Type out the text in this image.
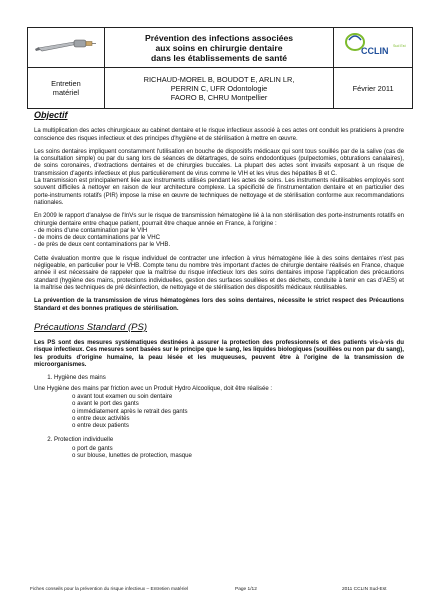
Prévention des infections associées
aux soins en chirurgie dentaire
dans les établissements de santé	CCLIN Sud Est

Entretien
matériel	RICHAUD-MOREL B, BOUDOT E, ARLIN LR,
PERRIN C, UFR Odontologie
FAORO B, CHRU Montpellier	Février 2011
Objectif

La multiplication des actes chirurgicaux au cabinet dentaire et le risque infectieux associé à ces actes ont conduit les praticiens à prendre conscience des risques infectieux et des principes d'hygiène et de stérilisation à mettre en œuvre.

Les soins dentaires impliquent constamment l'utilisation en bouche de dispositifs médicaux qui sont tous souillés par de la salive (cas de la consultation simple) ou par du sang lors de séances de détartrages, de soins endodontiques (pulpectomies, obturations canalaires), de soins coronaires, d'extractions dentaires et de chirurgies buccales. La plupart des actes sont invasifs exposant à un risque de transmission d'agents infectieux et plus particulièrement de virus comme le VIH et les virus des hépatites B et C.

La transmission est principalement liée aux instruments utilisés pendant les actes de soins. Les instruments réutilisables employés sont souvent difficiles à nettoyer en raison de leur architecture complexe. La spécificité de l'instrumentation dentaire et en particulier des porte-instruments rotatifs (PIR) impose la mise en œuvre de techniques de nettoyage et de stérilisation conforme aux recommandations nationales.

En 2009 le rapport d'analyse de l'InVs sur le risque de transmission hématogène lié à la non stérilisation des porte-instruments rotatifs en chirurgie dentaire entre chaque patient, pourrait être chaque année en France, à l'origine :

- de moins d'une contamination par le VIH
- de moins de deux contaminations par le VHC
- de près de deux cent contaminations par le VHB.

Cette évaluation montre que le risque individuel de contracter une infection à virus hématogène liée à des soins dentaires n'est pas négligeable, en particulier pour le VHB. Compte tenu du nombre très important d'actes de chirurgie dentaire réalisés en France, chaque année il est nécessaire de rappeler que la maîtrise du risque infectieux lors des soins dentaires impose l'application des précautions standard (hygiène des mains, protections individuelles, gestion des surfaces souillées et des déchets, conduite à tenir en cas d'AES) et la maîtrise des techniques de pré désinfection, de nettoyage et de stérilisation des dispositifs médicaux réutilisables.

La prévention de la transmission de virus hématogènes lors des soins dentaires, nécessite le strict respect des Précautions Standard et des bonnes pratiques de stérilisation.

Précautions Standard (PS)

Les PS sont des mesures systématiques destinées à assurer la protection des professionnels et des patients vis-à-vis du risque infectieux. Ces mesures sont basées sur le principe que le sang, les liquides biologiques (souillées ou non par du sang), les produits d'origine humaine, la peau lésée et les muqueuses, peuvent être à l'origine de la transmission de microorganismes.

1. Hygiène des mains
Une Hygiène des mains par friction avec un Produit Hydro Alcoolique, doit être réalisée :
o avant tout examen ou soin dentaire
o avant le port des gants
o immédiatement après le retrait des gants
o entre deux activités
o entre deux patients
2. Protection individuelle
o port de gants
o sur blouse, lunettes de protection, masque
Fiches conseils pour la prévention du risque infectieux – Entretien matériel	Page 1/12	2011 CCLIN Sud-Est
